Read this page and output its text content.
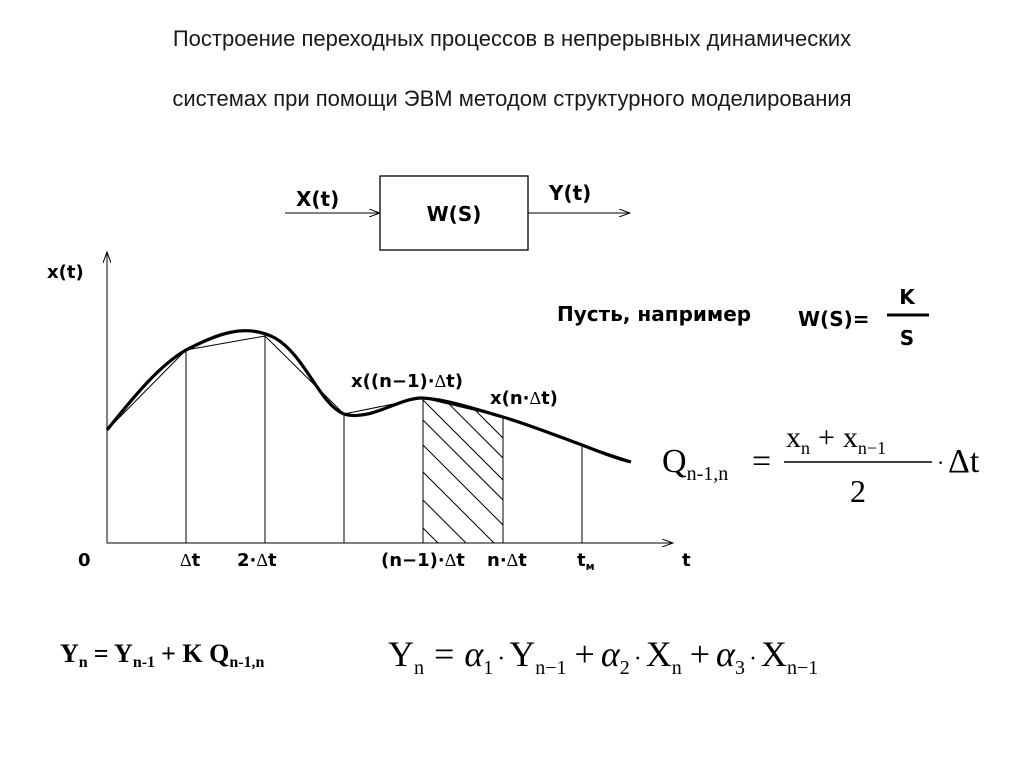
Построение переходных процессов в непрерывных динамических
системах при помощи ЭВМ методом структурного моделирования
X(t)
W(S)
Y(t)
Пусть, например W(S)=
K
S
x(t)
t
0	Δt 2·Δt	(n−1)·Δt n·Δt	$t_м$
x((n−1)·Δt)
x(n·Δt)
$Q_{n-1,n}$ =
$x_n + x_{n-1}$
2
· Δt
Yn = Yn-1 + K Qn-1,n	$Y_n = \alpha_1$ · $Y_{n-1} + \alpha_2$ · $X_n + \alpha_3$ · $X_{n-1}$
